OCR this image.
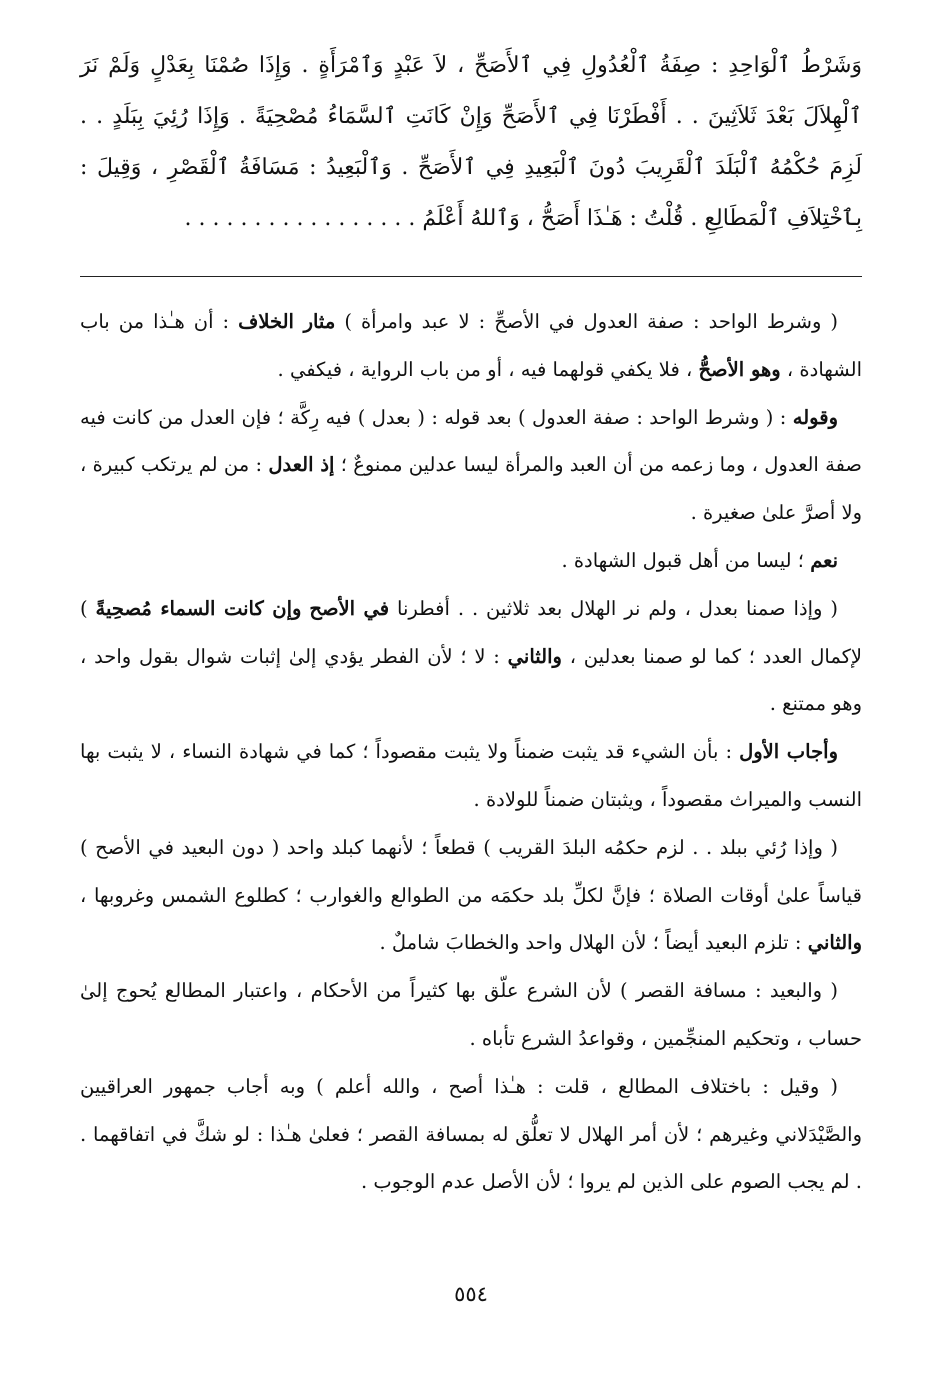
وَشَرْطُ ٱلْوَاحِدِ : صِفَةُ ٱلْعُدُولِ فِي ٱلأَصَحِّ ، لاَ عَبْدٍ وَٱمْرَأَةٍ . وَإِذَا صُمْنَا بِعَدْلٍ وَلَمْ نَرَ ٱلْهِلاَلَ بَعْدَ ثَلاَثِينَ . . أَفْطَرْنَا فِي ٱلأَصَحِّ وَإِنْ كَانَتِ ٱلسَّمَاءُ مُصْحِيَةً . وَإِذَا رُئِيَ بِبَلَدٍ . . لَزِمَ حُكْمُهُ ٱلْبَلَدَ ٱلْقَرِيبَ دُونَ ٱلْبَعِيدِ فِي ٱلأَصَحِّ . وَٱلْبَعِيدُ : مَسَافَةُ ٱلْقَصْرِ ، وَقِيلَ : بِٱخْتِلاَفِ ٱلْمَطَالِعِ . قُلْتُ : هَـٰذَا أَصَحُّ ، وَٱللهُ أَعْلَمُ . . . . . . . . . . . . . . . . .

( وشرط الواحد : صفة العدول في الأصحِّ : لا عبد وامرأة ) مثار الخلاف : أن هـٰذا من باب الشهادة ، وهو الأصحُّ ، فلا يكفي قولهما فيه ، أو من باب الرواية ، فيكفي .

وقوله : ( وشرط الواحد : صفة العدول ) بعد قوله : ( بعدل ) فيه رِكَّة ؛ فإن العدل من كانت فيه صفة العدول ، وما زعمه من أن العبد والمرأة ليسا عدلين ممنوعٌ ؛ إذ العدل : من لم يرتكب كبيرة ، ولا أصرَّ علىٰ صغيرة .

نعم ؛ ليسا من أهل قبول الشهادة .

( وإذا صمنا بعدل ، ولم نر الهلال بعد ثلاثين . . أفطرنا في الأصح وإن كانت السماء مُصحِيةً ) لإكمال العدد ؛ كما لو صمنا بعدلين ، والثاني : لا ؛ لأن الفطر يؤدي إلىٰ إثبات شوال بقول واحد ، وهو ممتنع .

وأجاب الأول : بأن الشيء قد يثبت ضمناً ولا يثبت مقصوداً ؛ كما في شهادة النساء ، لا يثبت بها النسب والميراث مقصوداً ، ويثبتان ضمناً للولادة .

( وإذا رُئي ببلد . . لزم حكمُه البلدَ القريب ) قطعاً ؛ لأنهما كبلد واحد ( دون البعيد في الأصح ) قياساً علىٰ أوقات الصلاة ؛ فإنَّ لكلِّ بلد حكمَه من الطوالع والغوارب ؛ كطلوع الشمس وغروبها ، والثاني : تلزم البعيد أيضاً ؛ لأن الهلال واحد والخطابَ شاملٌ .

( والبعيد : مسافة القصر ) لأن الشرع علّق بها كثيراً من الأحكام ، واعتبار المطالع يُحوج إلىٰ حساب ، وتحكيم المنجِّمين ، وقواعدُ الشرع تأباه .

( وقيل : باختلاف المطالع ، قلت : هـٰذا أصح ، والله أعلم ) وبه أجاب جمهور العراقيين والصَّيْدَلاني وغيرهم ؛ لأن أمر الهلال لا تعلُّق له بمسافة القصر ؛ فعلىٰ هـٰذا : لو شكَّ في اتفاقهما . . لم يجب الصوم على الذين لم يروا ؛ لأن الأصل عدم الوجوب .

٥٥٤
